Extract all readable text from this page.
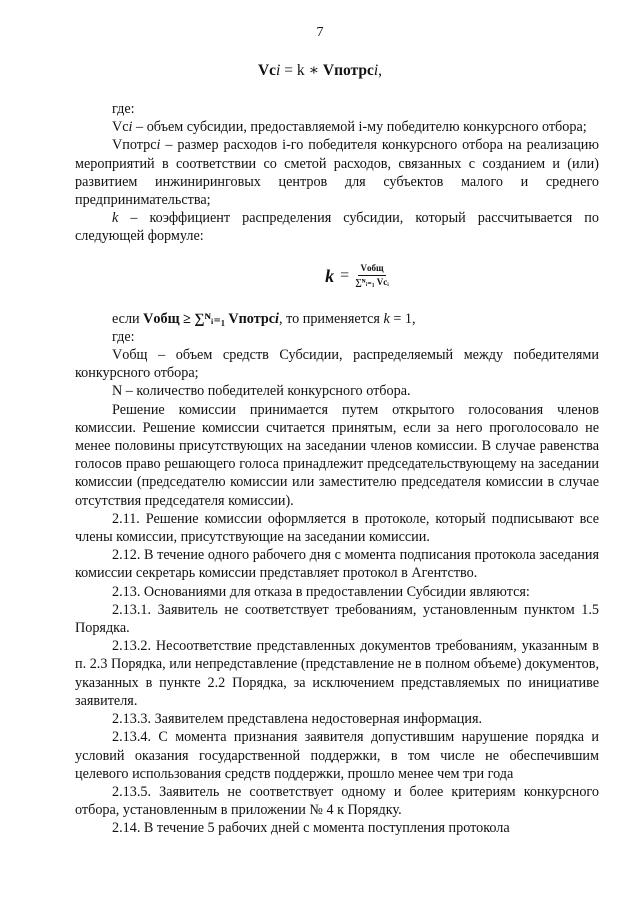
7
Vci = k ∗ Vпотрсi,

где:

Vci – объем субсидии, предоставляемой i-му победителю конкурсного отбора;

Vпотрсi – размер расходов i-го победителя конкурсного отбора на реализацию мероприятий в соответствии со сметой расходов, связанных с созданием и (или) развитием инжиниринговых центров для субъектов малого и среднего предпринимательства;

k – коэффициент распределения субсидии, который рассчитывается по следующей формуле:

$k = \frac{\text{Vобщ}}{\text{∑ᴺᵢ₌₁ Vcᵢ}}$

если Vобщ ≥ ∑ᴺᵢ₌₁ Vпотрсi, то применяется k = 1,

где:

Vобщ – объем средств Субсидии, распределяемый между победителями конкурсного отбора;

N – количество победителей конкурсного отбора.

Решение комиссии принимается путем открытого голосования членов комиссии. Решение комиссии считается принятым, если за него проголосовало не менее половины присутствующих на заседании членов комиссии. В случае равенства голосов право решающего голоса принадлежит председательствующему на заседании комиссии (председателю комиссии или заместителю председателя комиссии в случае отсутствия председателя комиссии).

2.11. Решение комиссии оформляется в протоколе, который подписывают все члены комиссии, присутствующие на заседании комиссии.

2.12. В течение одного рабочего дня с момента подписания протокола заседания комиссии секретарь комиссии представляет протокол в Агентство.

2.13. Основаниями для отказа в предоставлении Субсидии являются:

2.13.1. Заявитель не соответствует требованиям, установленным пунктом 1.5 Порядка.

2.13.2. Несоответствие представленных документов требованиям, указанным в п. 2.3 Порядка, или непредставление (представление не в полном объеме) документов, указанных в пункте 2.2 Порядка, за исключением представляемых по инициативе заявителя.

2.13.3. Заявителем представлена недостоверная информация.

2.13.4. С момента признания заявителя допустившим нарушение порядка и условий оказания государственной поддержки, в том числе не обеспечившим целевого использования средств поддержки, прошло менее чем три года

2.13.5. Заявитель не соответствует одному и более критериям конкурсного отбора, установленным в приложении № 4 к Порядку.

2.14. В течение 5 рабочих дней с момента поступления протокола
